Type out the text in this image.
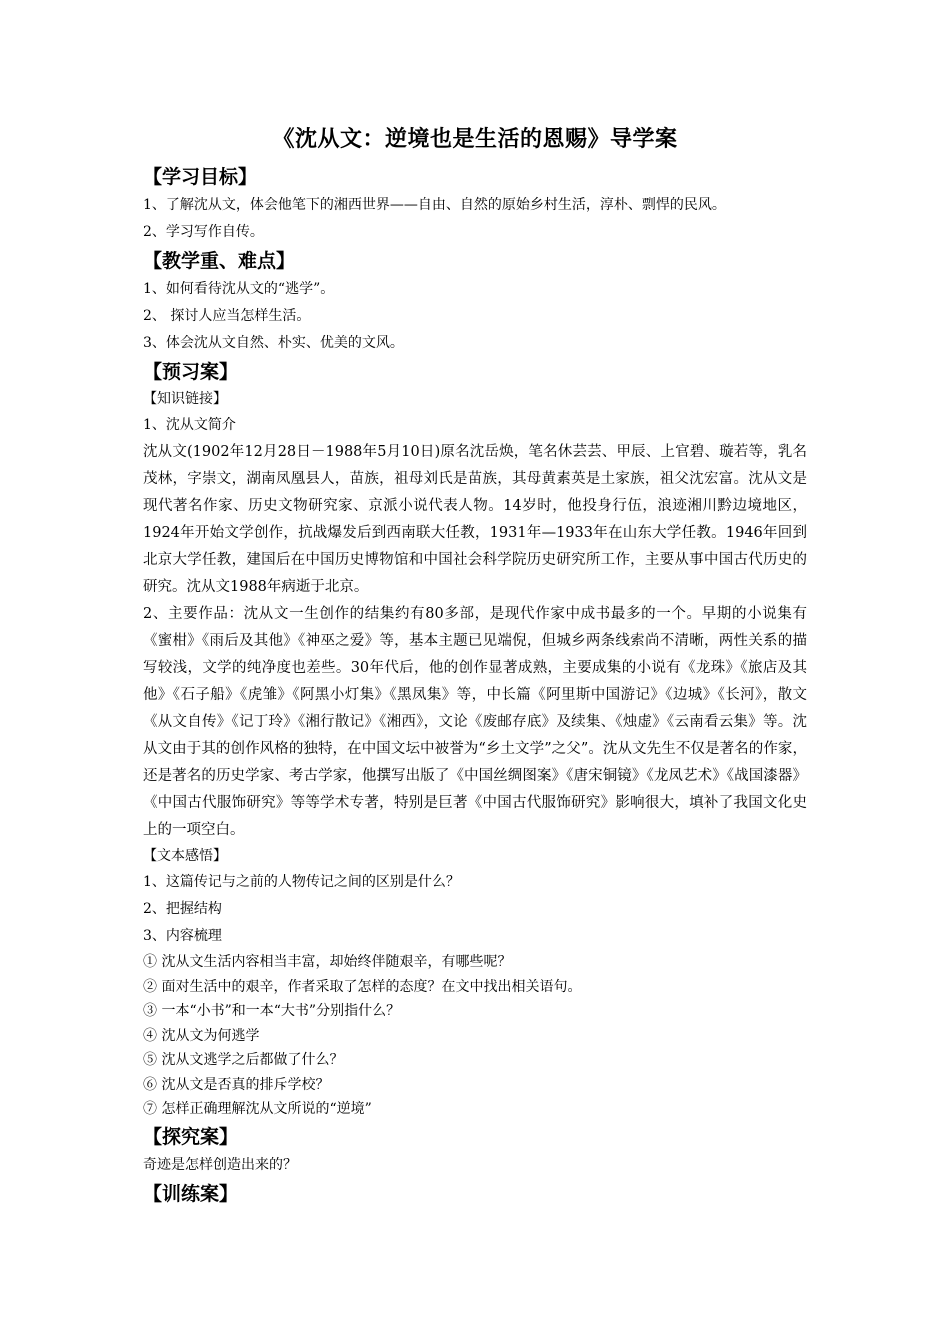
《沈从文：逆境也是生活的恩赐》导学案
【学习目标】

1、了解沈从文，体会他笔下的湘西世界——自由、自然的原始乡村生活，淳朴、剽悍的民风。

2、学习写作自传。

【教学重、难点】

1、如何看待沈从文的“逃学”。

2、 探讨人应当怎样生活。

3、体会沈从文自然、朴实、优美的文风。

【预习案】

【知识链接】

1、沈从文简介

沈从文(1902年12月28日－1988年5月10日)原名沈岳焕，笔名休芸芸、甲辰、上官碧、璇若等，乳名茂林，字崇文，湖南凤凰县人，苗族，祖母刘氏是苗族，其母黄素英是土家族，祖父沈宏富。沈从文是现代著名作家、历史文物研究家、京派小说代表人物。14岁时，他投身行伍，浪迹湘川黔边境地区，1924年开始文学创作，抗战爆发后到西南联大任教，1931年—1933年在山东大学任教。1946年回到北京大学任教，建国后在中国历史博物馆和中国社会科学院历史研究所工作，主要从事中国古代历史的研究。沈从文1988年病逝于北京。

2、主要作品：沈从文一生创作的结集约有80多部，是现代作家中成书最多的一个。早期的小说集有《蜜柑》《雨后及其他》《神巫之爱》等，基本主题已见端倪，但城乡两条线索尚不清晰，两性关系的描写较浅，文学的纯净度也差些。30年代后，他的创作显著成熟，主要成集的小说有《龙珠》《旅店及其他》《石子船》《虎雏》《阿黑小灯集》《黑凤集》等，中长篇《阿里斯中国游记》《边城》《长河》，散文《从文自传》《记丁玲》《湘行散记》《湘西》，文论《废邮存底》及续集、《烛虚》《云南看云集》等。沈从文由于其的创作风格的独特，在中国文坛中被誉为“乡土文学”之父”。沈从文先生不仅是著名的作家，还是著名的历史学家、考古学家，他撰写出版了《中国丝绸图案》《唐宋铜镜》《龙凤艺术》《战国漆器》《中国古代服饰研究》等等学术专著，特别是巨著《中国古代服饰研究》影响很大，填补了我国文化史上的一项空白。

【文本感悟】

1、这篇传记与之前的人物传记之间的区别是什么？

2、把握结构

3、内容梳理

① 沈从文生活内容相当丰富，却始终伴随艰辛，有哪些呢？

② 面对生活中的艰辛，作者采取了怎样的态度？在文中找出相关语句。

③ 一本“小书”和一本“大书”分别指什么？

④ 沈从文为何逃学

⑤ 沈从文逃学之后都做了什么？

⑥ 沈从文是否真的排斥学校？

⑦ 怎样正确理解沈从文所说的“逆境”

【探究案】

奇迹是怎样创造出来的？

【训练案】
